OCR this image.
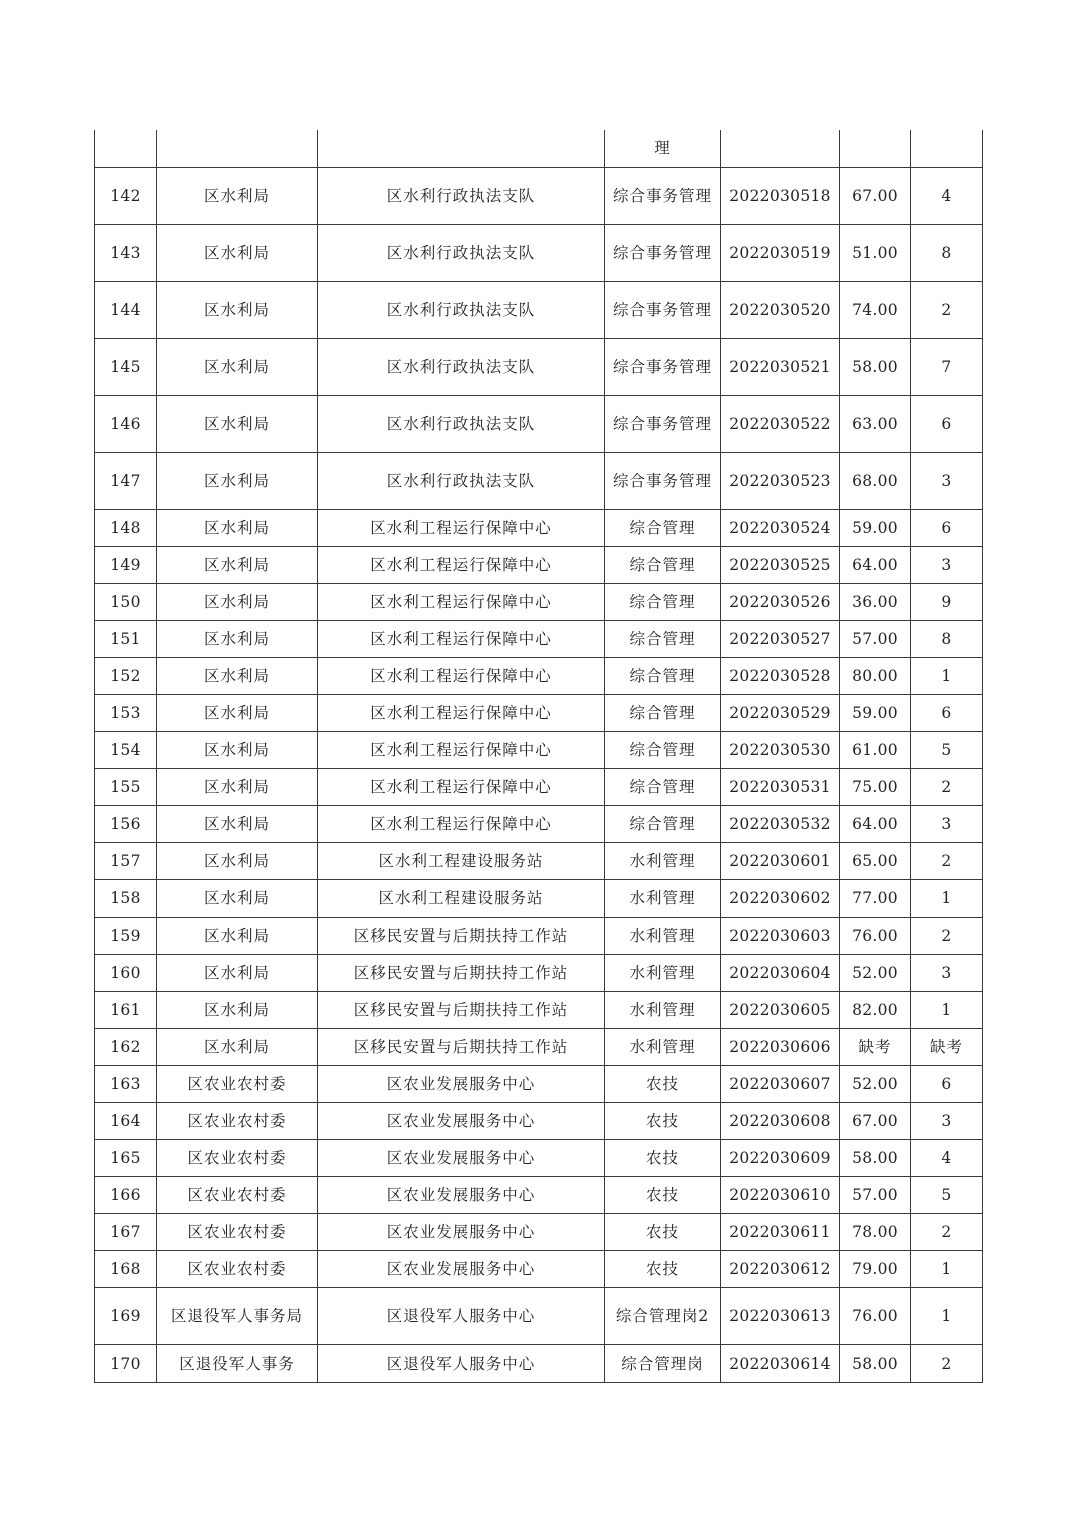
			理			
142	区水利局	区水利行政执法支队	综合事务管理	2022030518	67.00	4
143	区水利局	区水利行政执法支队	综合事务管理	2022030519	51.00	8
144	区水利局	区水利行政执法支队	综合事务管理	2022030520	74.00	2
145	区水利局	区水利行政执法支队	综合事务管理	2022030521	58.00	7
146	区水利局	区水利行政执法支队	综合事务管理	2022030522	63.00	6
147	区水利局	区水利行政执法支队	综合事务管理	2022030523	68.00	3
148	区水利局	区水利工程运行保障中心	综合管理	2022030524	59.00	6
149	区水利局	区水利工程运行保障中心	综合管理	2022030525	64.00	3
150	区水利局	区水利工程运行保障中心	综合管理	2022030526	36.00	9
151	区水利局	区水利工程运行保障中心	综合管理	2022030527	57.00	8
152	区水利局	区水利工程运行保障中心	综合管理	2022030528	80.00	1
153	区水利局	区水利工程运行保障中心	综合管理	2022030529	59.00	6
154	区水利局	区水利工程运行保障中心	综合管理	2022030530	61.00	5
155	区水利局	区水利工程运行保障中心	综合管理	2022030531	75.00	2
156	区水利局	区水利工程运行保障中心	综合管理	2022030532	64.00	3
157	区水利局	区水利工程建设服务站	水利管理	2022030601	65.00	2
158	区水利局	区水利工程建设服务站	水利管理	2022030602	77.00	1
159	区水利局	区移民安置与后期扶持工作站	水利管理	2022030603	76.00	2
160	区水利局	区移民安置与后期扶持工作站	水利管理	2022030604	52.00	3
161	区水利局	区移民安置与后期扶持工作站	水利管理	2022030605	82.00	1
162	区水利局	区移民安置与后期扶持工作站	水利管理	2022030606	缺考	缺考
163	区农业农村委	区农业发展服务中心	农技	2022030607	52.00	6
164	区农业农村委	区农业发展服务中心	农技	2022030608	67.00	3
165	区农业农村委	区农业发展服务中心	农技	2022030609	58.00	4
166	区农业农村委	区农业发展服务中心	农技	2022030610	57.00	5
167	区农业农村委	区农业发展服务中心	农技	2022030611	78.00	2
168	区农业农村委	区农业发展服务中心	农技	2022030612	79.00	1
169	区退役军人事务局	区退役军人服务中心	综合管理岗2	2022030613	76.00	1
170	区退役军人事务	区退役军人服务中心	综合管理岗	2022030614	58.00	2
